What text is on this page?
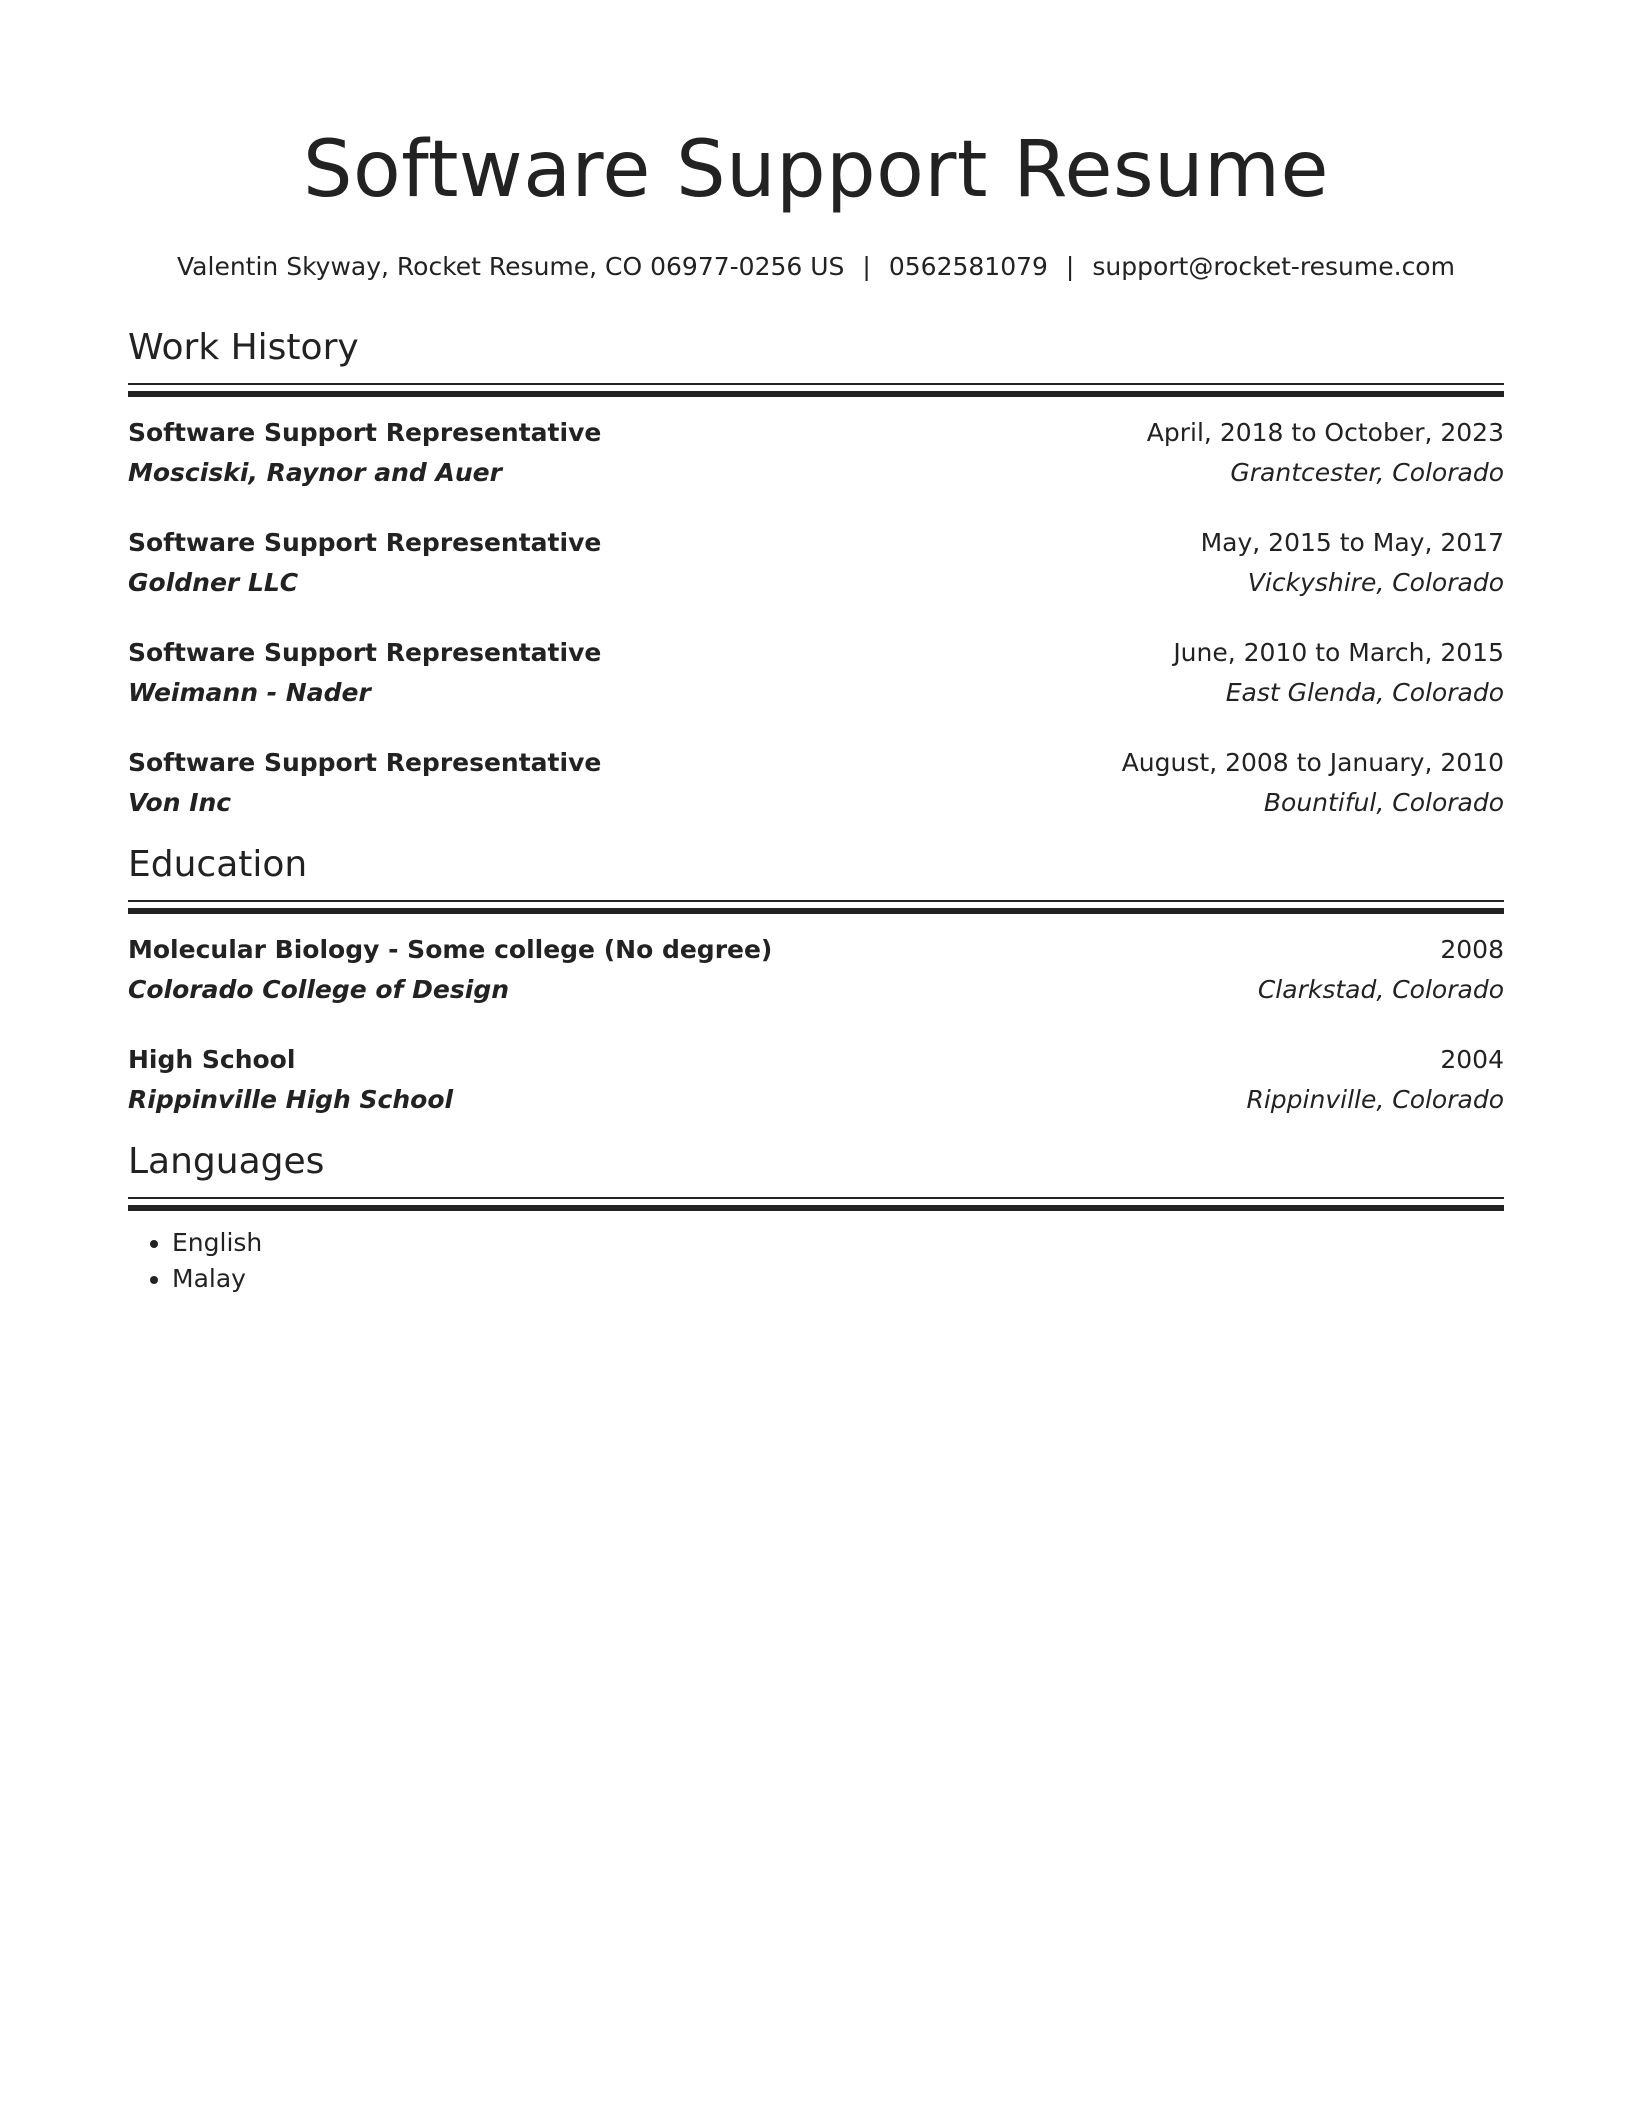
Software Support Resume
Valentin Skyway, Rocket Resume, CO 06977-0256 US | 0562581079 | support@rocket-resume.com
Work History
Software Support Representative	April, 2018 to October, 2023
Mosciski, Raynor and Auer	Grantcester, Colorado
Software Support Representative	May, 2015 to May, 2017
Goldner LLC	Vickyshire, Colorado
Software Support Representative	June, 2010 to March, 2015
Weimann - Nader	East Glenda, Colorado
Software Support Representative	August, 2008 to January, 2010
Von Inc	Bountiful, Colorado
Education
Molecular Biology - Some college (No degree)	2008
Colorado College of Design	Clarkstad, Colorado
High School	2004
Rippinville High School	Rippinville, Colorado
Languages
• English
• Malay
